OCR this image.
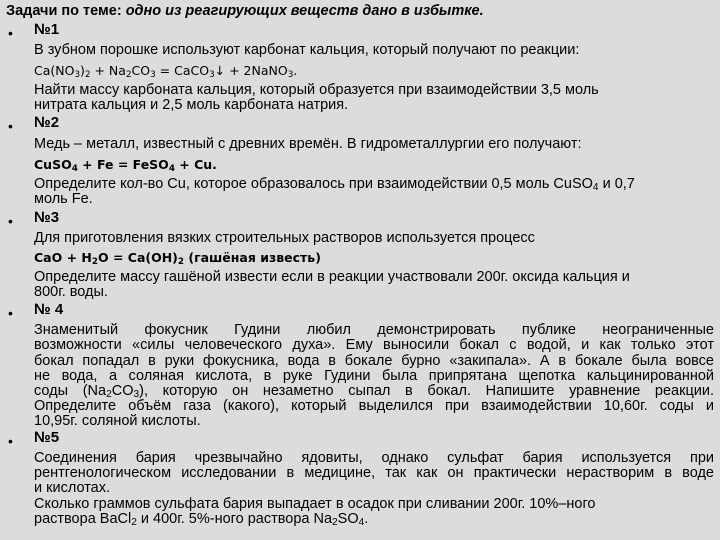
Задачи по теме: одно из реагирующих веществ дано в избытке.
• №1
В зубном порошке используют карбонат кальция, который получают по реакции:
$Ca(NO_3)_2 + Na_2CO_3$ = CaCO$_3$↓ + 2NaNO$_3$.
Найти массу карбоната кальция, который образуется при взаимодействии 3,5 моль
нитрата кальция и 2,5 моль карбоната натрия.
• №2
Медь – металл, известный с древних времён. В гидрометаллургии его получают:
CuSO$_4$ + Fe = FeSO$_4$ + Cu.
Определите кол-во Cu, которое образовалось при взаимодействии 0,5 моль CuSO$_4$ и 0,7
моль Fe.
• №3
Для приготовления вязких строительных растворов используется процесс
CaO + $H_2O = Ca(OH)_2$ (гашёная известь)
Определите массу гашёной извести если в реакции участвовали 200г. оксида кальция и
800г. воды.
• № 4
Знаменитый фокусник Гудини любил демонстрировать публике неограниченные
возможности «силы человеческого духа». Ему выносили бокал с водой, и как только этот
бокал попадал в руки фокусника, вода в бокале бурно «закипала». А в бокале была вовсе
не вода, а соляная кислота, в руке Гудини была припрятана щепотка кальцинированной
соды $(Na_2CO_3)$, которую он незаметно сыпал в бокал. Напишите уравнение реакции.
Определите объём газа (какого), который выделился при взаимодействии 10,60г. соды и
10,95г. соляной кислоты.
• №5
Соединения бария чрезвычайно ядовиты, однако сульфат бария используется при
рентгенологическом исследовании в медицине, так как он практически нерастворим в воде
и кислотах.
Сколько граммов сульфата бария выпадает в осадок при сливании 200г. 10%–ного
раствора BaCl$_2$ и 400г. 5%-ного раствора $Na_2SO_4$.
